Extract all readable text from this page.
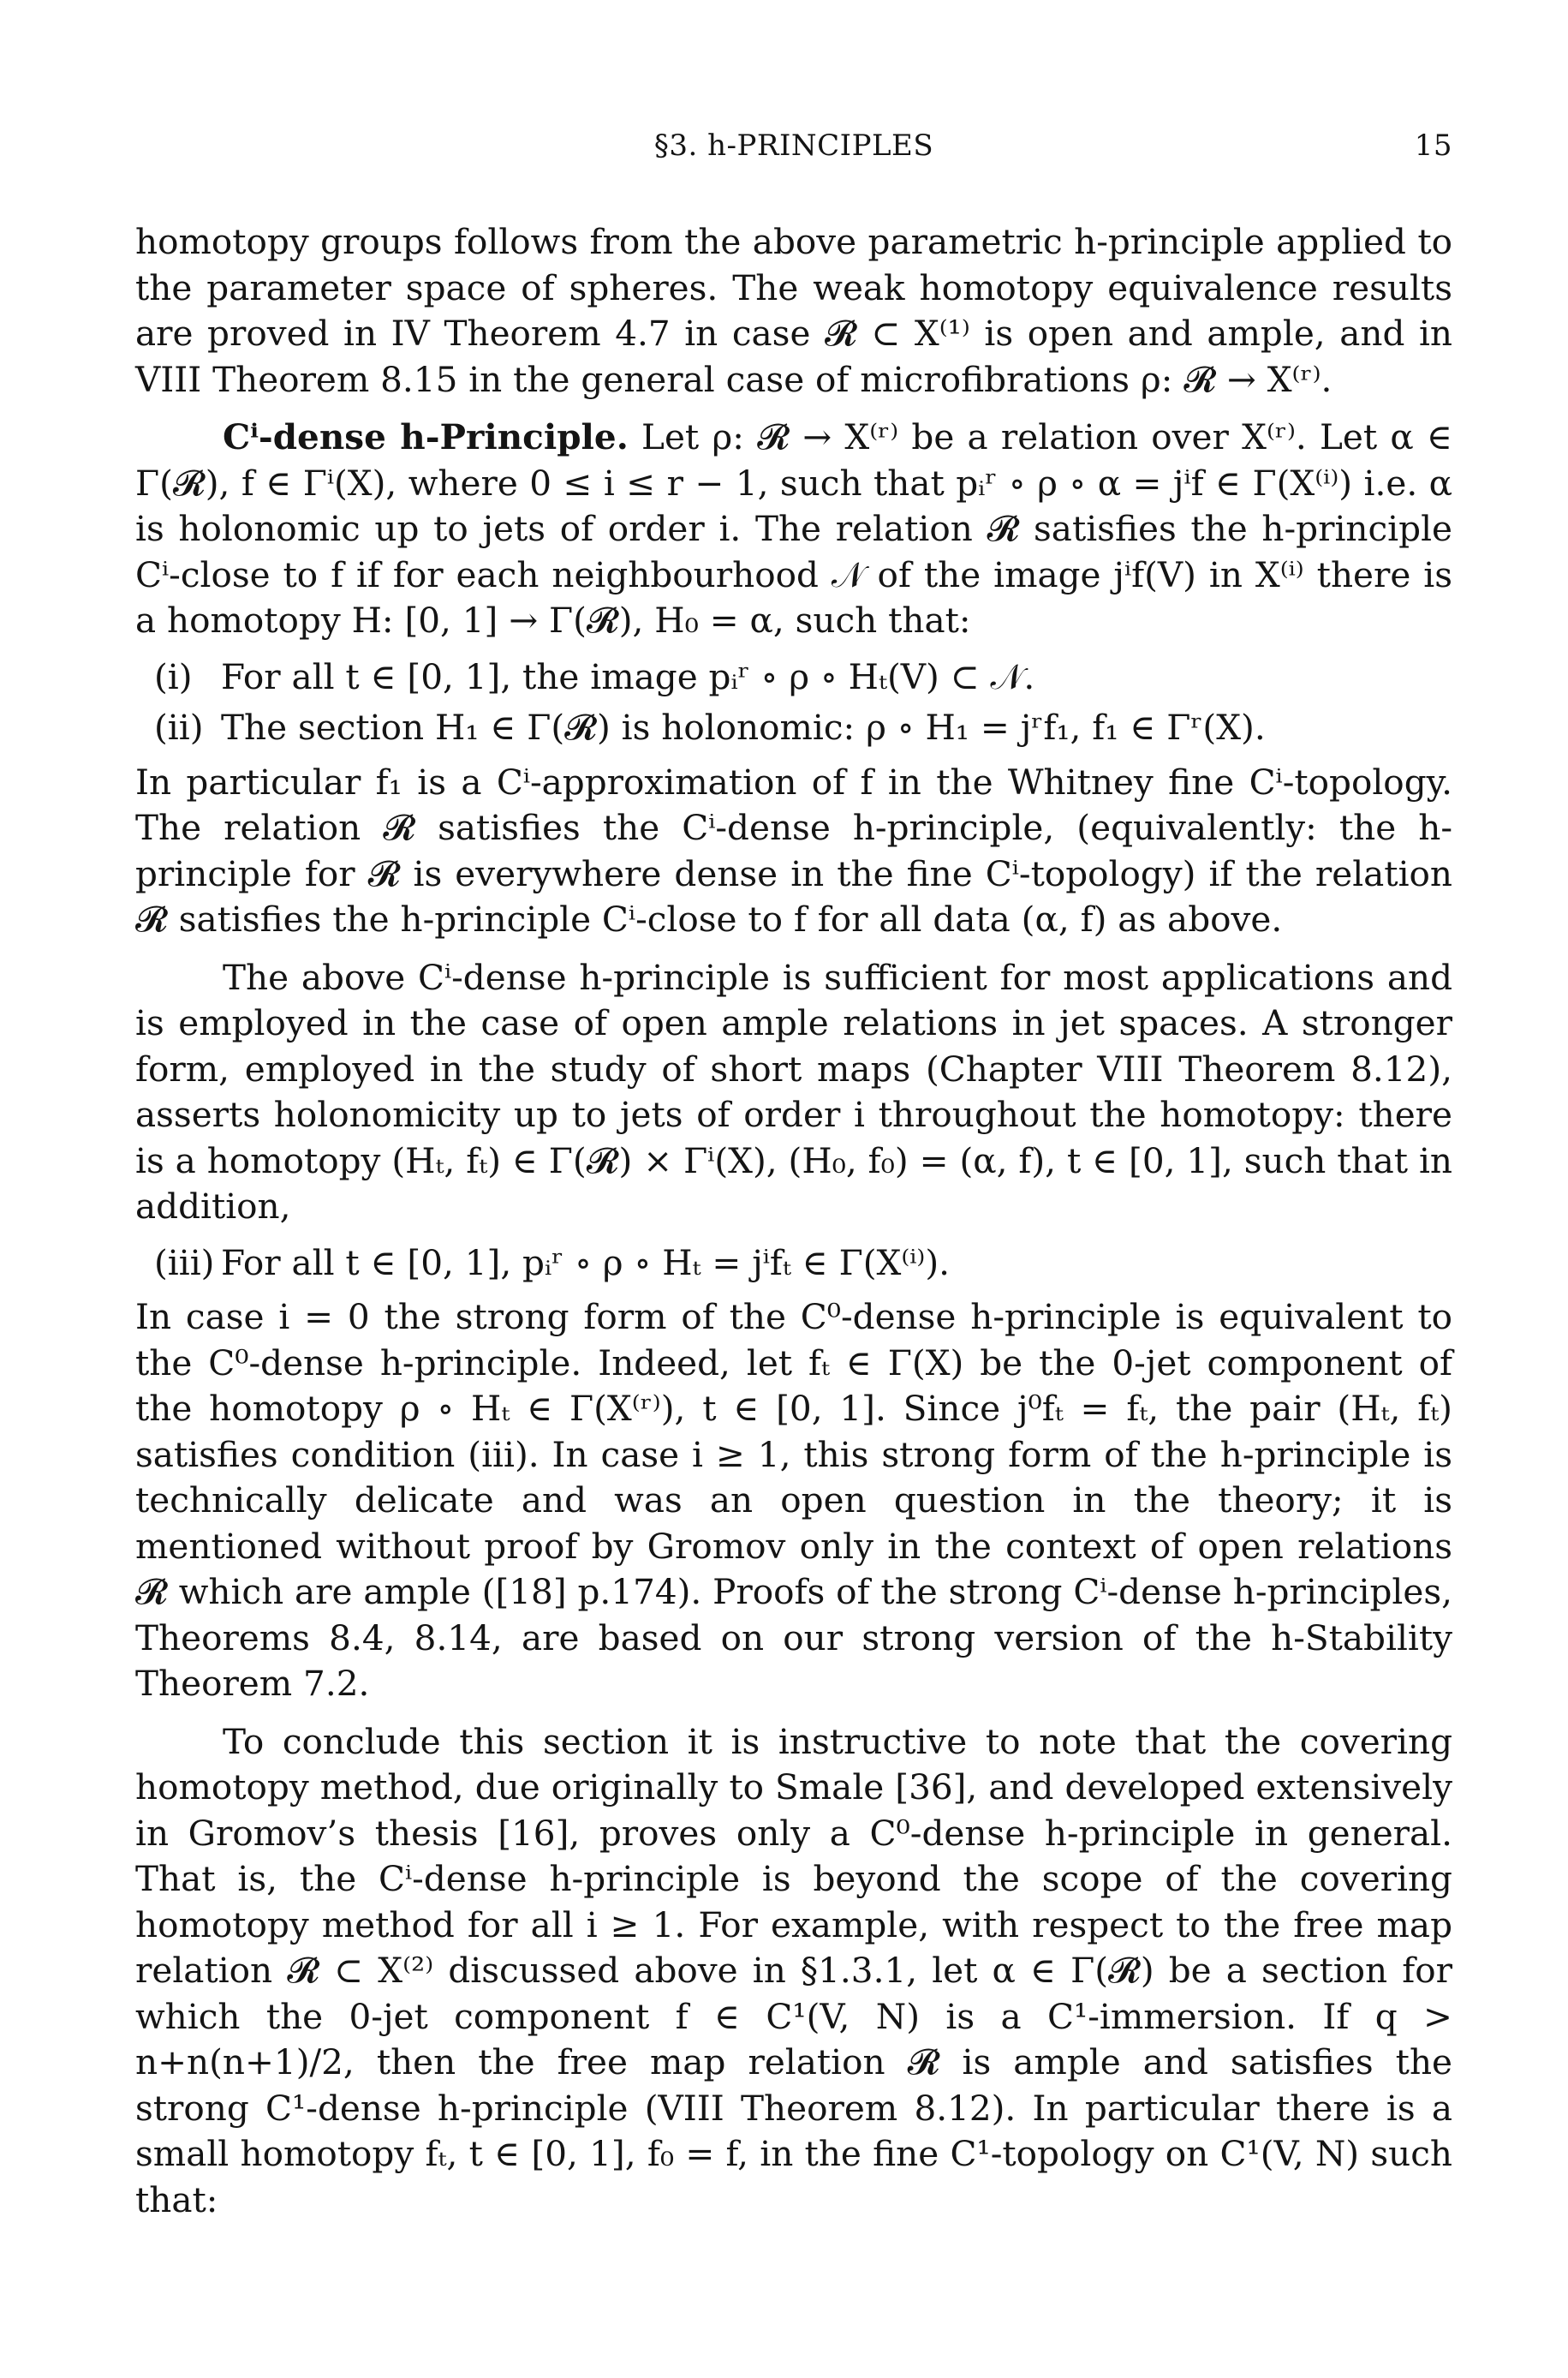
§3. h-PRINCIPLES	15

homotopy groups follows from the above parametric h-principle applied to the parameter space of spheres. The weak homotopy equivalence results are proved in IV Theorem 4.7 in case 𝓡 ⊂ X⁽¹⁾ is open and ample, and in VIII Theorem 8.15 in the general case of microfibrations ρ: 𝓡 → X⁽ʳ⁾.

Cⁱ-dense h-Principle. Let ρ: 𝓡 → X⁽ʳ⁾ be a relation over X⁽ʳ⁾. Let α ∈ Γ(𝓡), f ∈ Γⁱ(X), where 0 ≤ i ≤ r − 1, such that pᵢʳ ∘ ρ ∘ α = jⁱf ∈ Γ(X⁽ⁱ⁾) i.e. α is holonomic up to jets of order i. The relation 𝓡 satisfies the h-principle Cⁱ-close to f if for each neighbourhood 𝒩 of the image jⁱf(V) in X⁽ⁱ⁾ there is a homotopy H: [0, 1] → Γ(𝓡), H₀ = α, such that:

(i) For all t ∈ [0, 1], the image pᵢʳ ∘ ρ ∘ Hₜ(V) ⊂ 𝒩.
(ii) The section H₁ ∈ Γ(𝓡) is holonomic: ρ ∘ H₁ = jʳf₁, f₁ ∈ Γʳ(X).

In particular f₁ is a Cⁱ-approximation of f in the Whitney fine Cⁱ-topology. The relation 𝓡 satisfies the Cⁱ-dense h-principle, (equivalently: the h-principle for 𝓡 is everywhere dense in the fine Cⁱ-topology) if the relation 𝓡 satisfies the h-principle Cⁱ-close to f for all data (α, f) as above.

The above Cⁱ-dense h-principle is sufficient for most applications and is employed in the case of open ample relations in jet spaces. A stronger form, employed in the study of short maps (Chapter VIII Theorem 8.12), asserts holonomicity up to jets of order i throughout the homotopy: there is a homotopy (Hₜ, fₜ) ∈ Γ(𝓡) × Γⁱ(X), (H₀, f₀) = (α, f), t ∈ [0, 1], such that in addition,

(iii) For all t ∈ [0, 1], pᵢʳ ∘ ρ ∘ Hₜ = jⁱfₜ ∈ Γ(X⁽ⁱ⁾).

In case i = 0 the strong form of the C⁰-dense h-principle is equivalent to the C⁰-dense h-principle. Indeed, let fₜ ∈ Γ(X) be the 0-jet component of the homotopy ρ ∘ Hₜ ∈ Γ(X⁽ʳ⁾), t ∈ [0, 1]. Since j⁰fₜ = fₜ, the pair (Hₜ, fₜ) satisfies condition (iii). In case i ≥ 1, this strong form of the h-principle is technically delicate and was an open question in the theory; it is mentioned without proof by Gromov only in the context of open relations 𝓡 which are ample ([18] p.174). Proofs of the strong Cⁱ-dense h-principles, Theorems 8.4, 8.14, are based on our strong version of the h-Stability Theorem 7.2.

To conclude this section it is instructive to note that the covering homotopy method, due originally to Smale [36], and developed extensively in Gromov’s thesis [16], proves only a C⁰-dense h-principle in general. That is, the Cⁱ-dense h-principle is beyond the scope of the covering homotopy method for all i ≥ 1. For example, with respect to the free map relation 𝓡 ⊂ X⁽²⁾ discussed above in §1.3.1, let α ∈ Γ(𝓡) be a section for which the 0-jet component f ∈ C¹(V, N) is a C¹-immersion. If q > n+n(n+1)/2, then the free map relation 𝓡 is ample and satisfies the strong C¹-dense h-principle (VIII Theorem 8.12). In particular there is a small homotopy fₜ, t ∈ [0, 1], f₀ = f, in the fine C¹-topology on C¹(V, N) such that:
